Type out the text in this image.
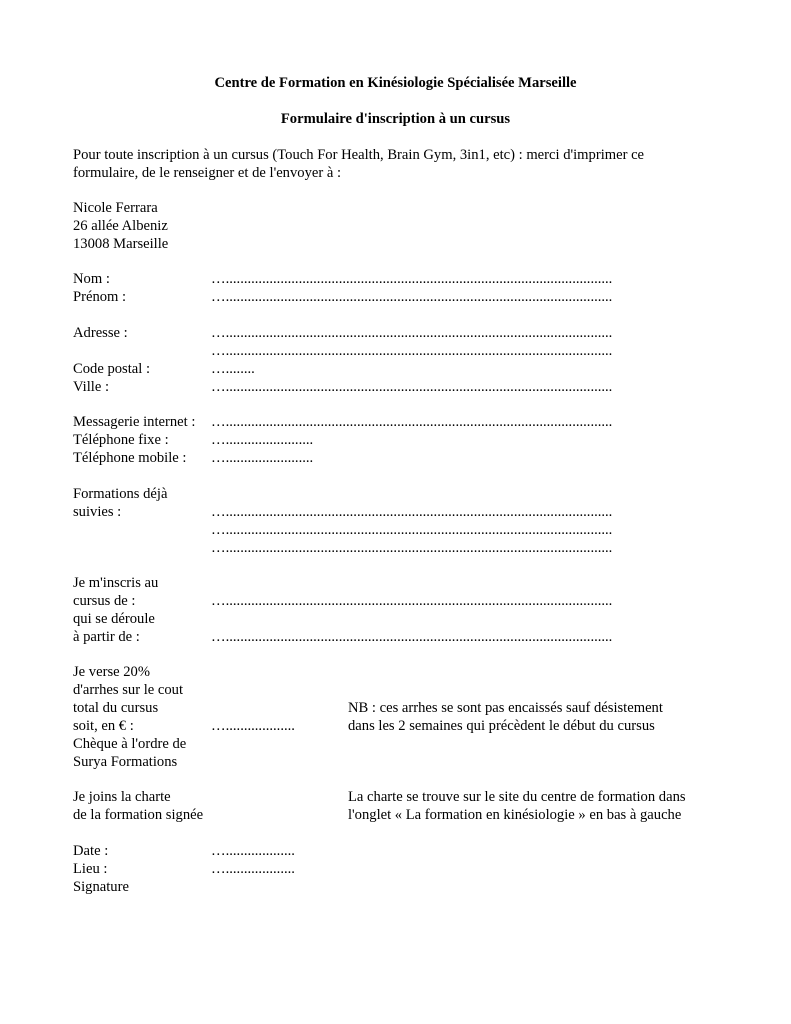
Centre de Formation en Kinésiologie Spécialisée Marseille
Formulaire d'inscription à un cursus
Pour toute inscription à un cursus (Touch For Health, Brain Gym, 3in1, etc) : merci d'imprimer ce
formulaire, de le renseigner et de l'envoyer à :
Nicole Ferrara
26 allée Albeniz
13008 Marseille
Nom :	…..........................................................................................................
Prénom :	…..........................................................................................................
Adresse :	…..........................................................................................................
…..........................................................................................................
Code postal :	…........
Ville :	…..........................................................................................................
Messagerie internet : …..........................................................................................................
Téléphone fixe :	…........................
Téléphone mobile : …........................
Formations déjà
suivies :	…..........................................................................................................
…..........................................................................................................
…..........................................................................................................
Je m'inscris au
cursus de :	…..........................................................................................................
qui se déroule
à partir de :	…..........................................................................................................
Je verse 20%
d'arrhes sur le cout
total du cursus	NB : ces arrhes se sont pas encaissés sauf désistement
soit, en € :	…...................	dans les 2 semaines qui précèdent le début du cursus
Chèque à l'ordre de
Surya Formations
Je joins la charte	La charte se trouve sur le site du centre de formation dans
de la formation signée	l'onglet « La formation en kinésiologie » en bas à gauche
Date :	…...................
Lieu :	…...................
Signature
